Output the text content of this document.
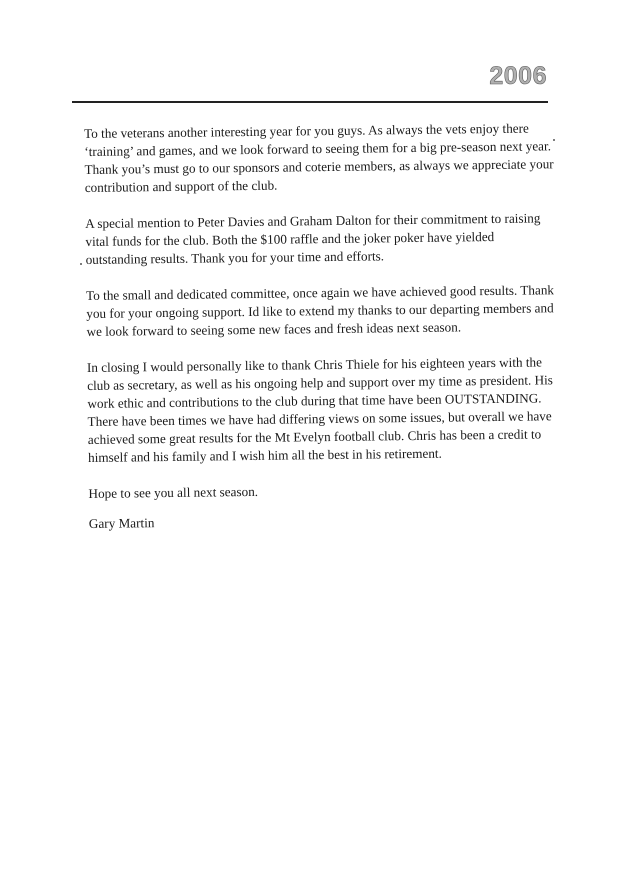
2006

To the veterans another interesting year for you guys. As always the vets enjoy there ‘training’ and games, and we look forward to seeing them for a big pre-season next year. Thank you’s must go to our sponsors and coterie members, as always we appreciate your contribution and support of the club.

A special mention to Peter Davies and Graham Dalton for their commitment to raising vital funds for the club. Both the $100 raffle and the joker poker have yielded outstanding results. Thank you for your time and efforts.

To the small and dedicated committee, once again we have achieved good results. Thank you for your ongoing support. Id like to extend my thanks to our departing members and we look forward to seeing some new faces and fresh ideas next season.

In closing I would personally like to thank Chris Thiele for his eighteen years with the club as secretary, as well as his ongoing help and support over my time as president. His work ethic and contributions to the club during that time have been OUTSTANDING. There have been times we have had differing views on some issues, but overall we have achieved some great results for the Mt Evelyn football club. Chris has been a credit to himself and his family and I wish him all the best in his retirement.

Hope to see you all next season.

Gary Martin
